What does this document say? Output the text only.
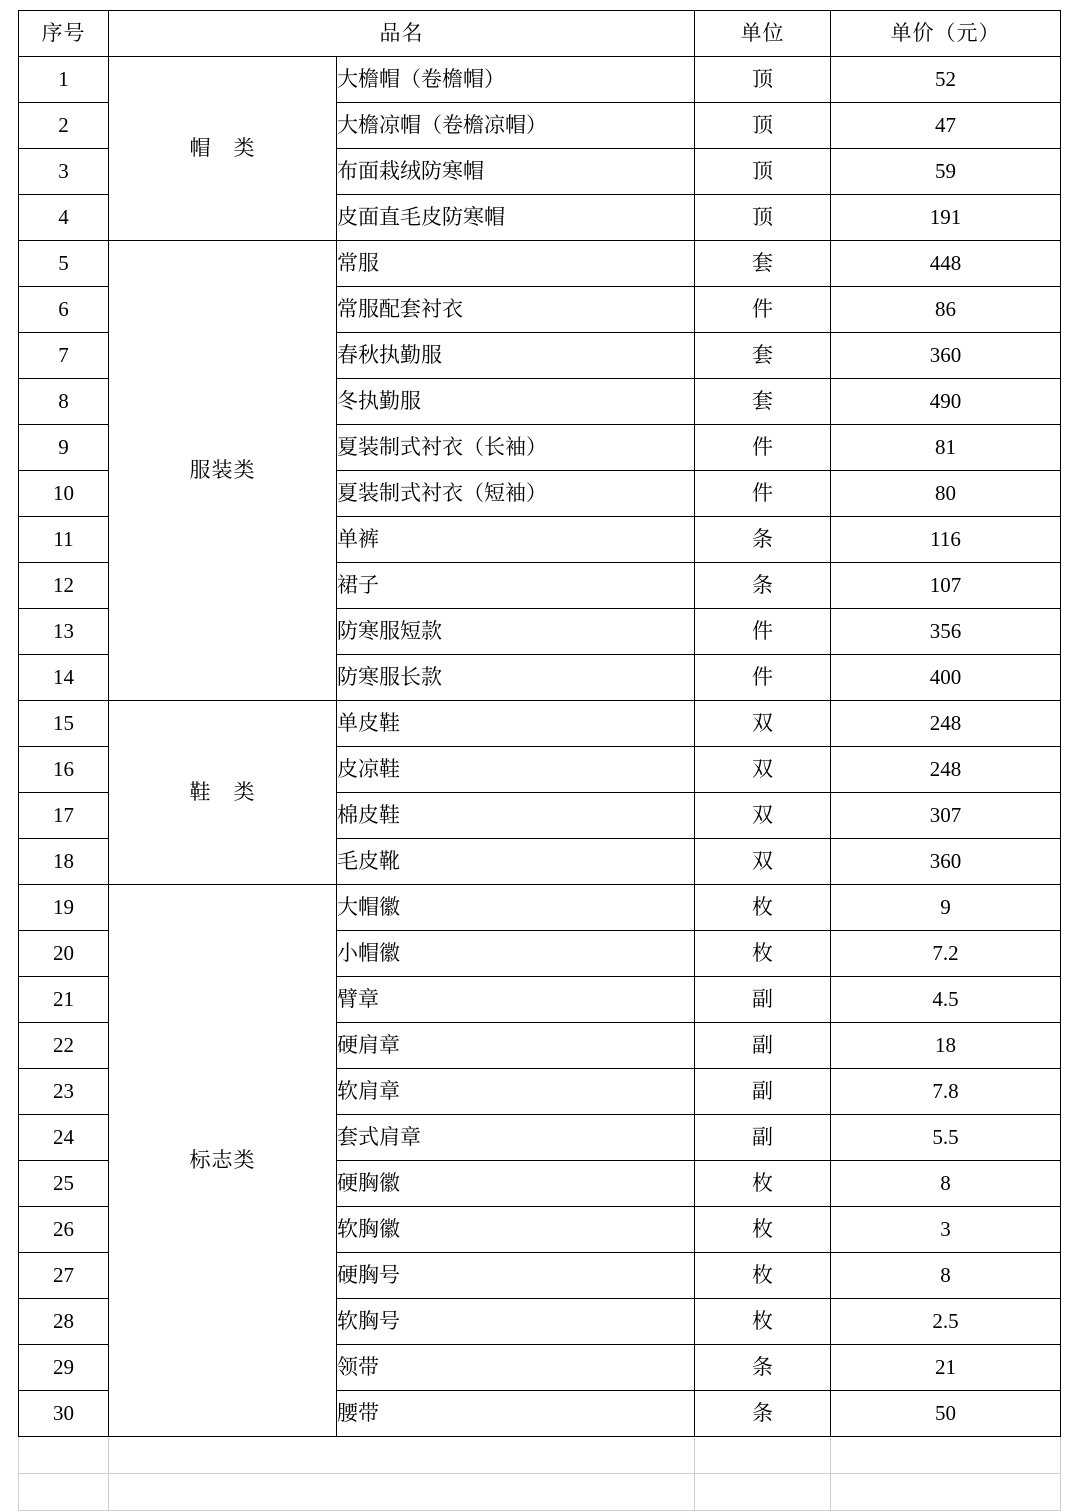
序号	品名		单位	单价（元）
1	帽　类	大檐帽（卷檐帽）	顶	52
2		大檐凉帽（卷檐凉帽）	顶	47
3		布面栽绒防寒帽	顶	59
4		皮面直毛皮防寒帽	顶	191
5	服装类	常服	套	448
6		常服配套衬衣	件	86
7		春秋执勤服	套	360
8		冬执勤服	套	490
9		夏装制式衬衣（长袖）	件	81
10		夏装制式衬衣（短袖）	件	80
11		单裤	条	116
12		裙子	条	107
13		防寒服短款	件	356
14		防寒服长款	件	400
15	鞋　类	单皮鞋	双	248
16		皮凉鞋	双	248
17		棉皮鞋	双	307
18		毛皮靴	双	360
19	标志类	大帽徽	枚	9
20		小帽徽	枚	7.2
21		臂章	副	4.5
22		硬肩章	副	18
23		软肩章	副	7.8
24		套式肩章	副	5.5
25		硬胸徽	枚	8
26		软胸徽	枚	3
27		硬胸号	枚	8
28		软胸号	枚	2.5
29		领带	条	21
30		腰带	条	50
